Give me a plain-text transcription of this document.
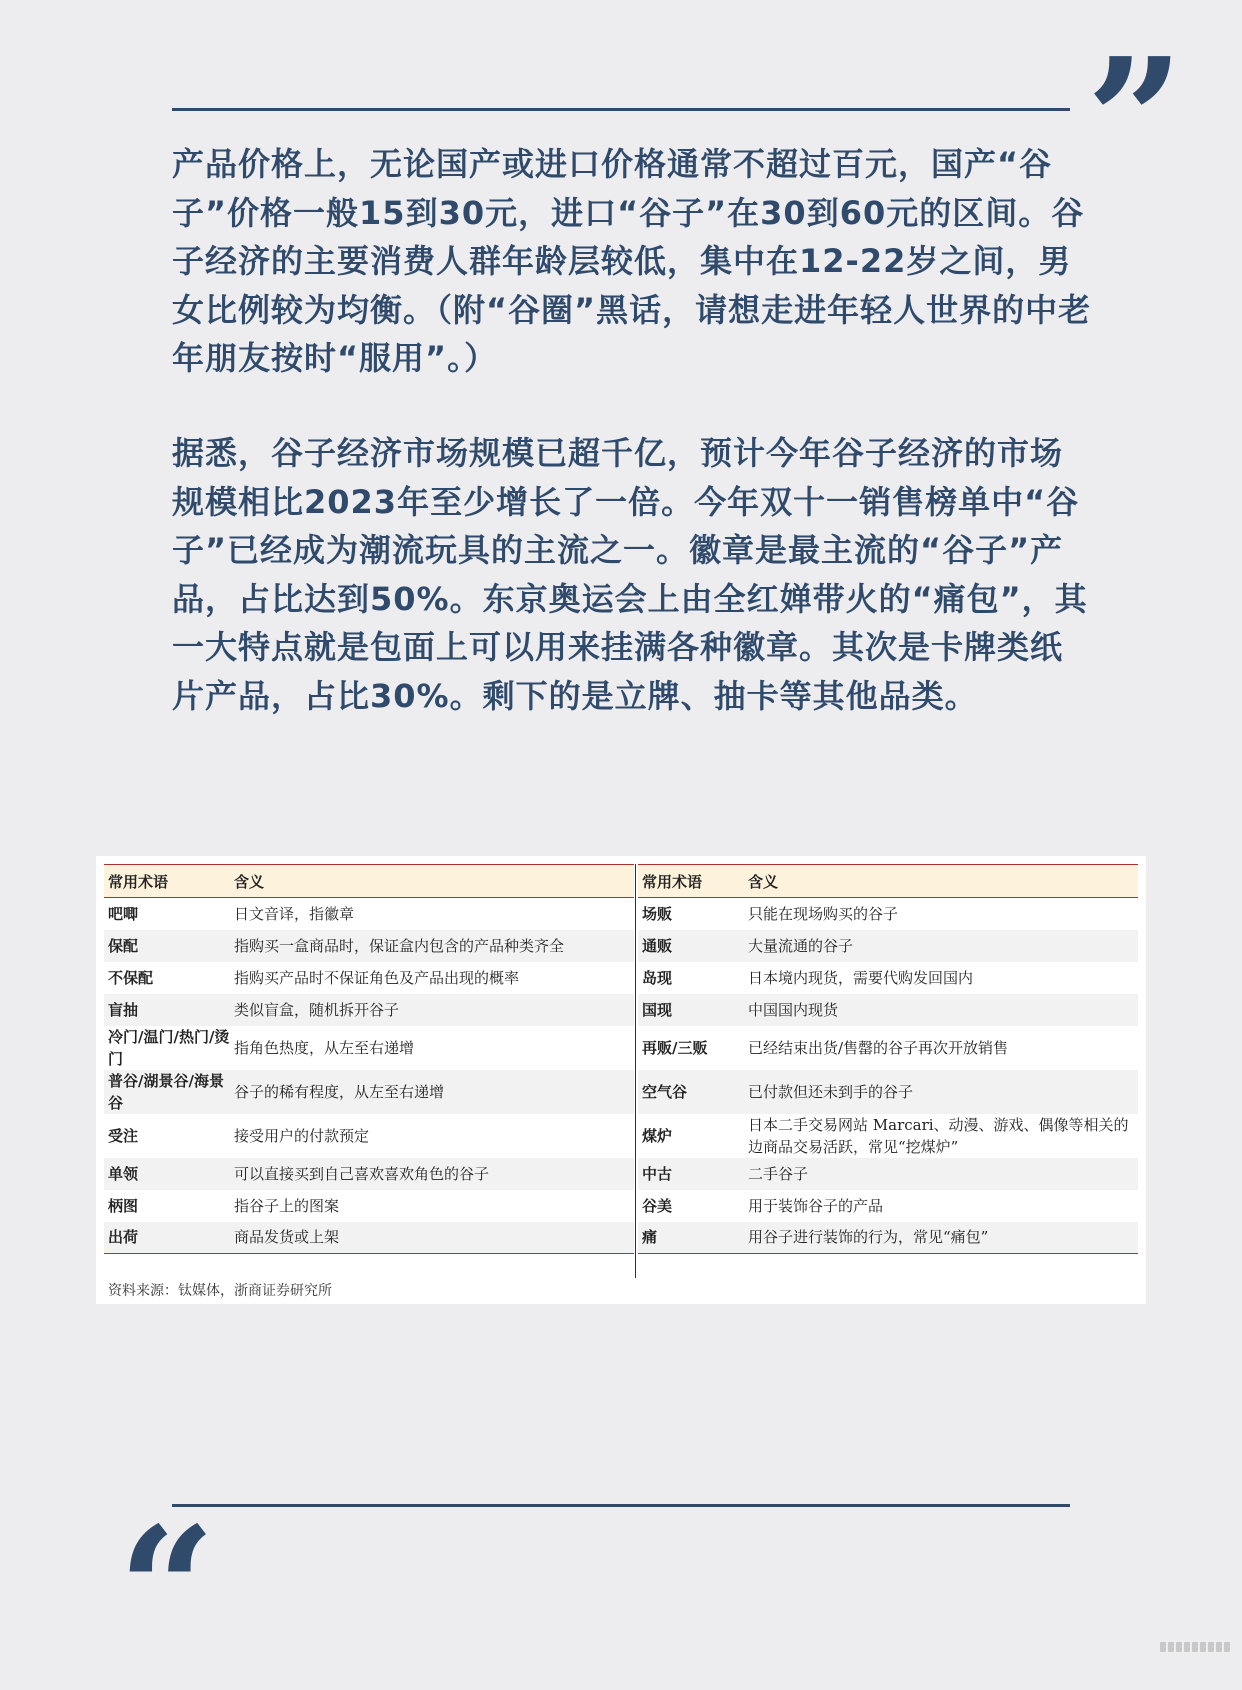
”

产品价格上，无论国产或进口价格通常不超过百元，国产“谷子”价格一般15到30元，进口“谷子”在30到60元的区间。谷子经济的主要消费人群年龄层较低，集中在12-22岁之间，男女比例较为均衡。（附“谷圈”黑话，请想走进年轻人世界的中老年朋友按时“服用”。）

据悉，谷子经济市场规模已超千亿，预计今年谷子经济的市场规模相比2023年至少增长了一倍。今年双十一销售榜单中“谷子”已经成为潮流玩具的主流之一。徽章是最主流的“谷子”产品，占比达到50%。东京奥运会上由全红婵带火的“痛包”，其一大特点就是包面上可以用来挂满各种徽章。其次是卡牌类纸片产品，占比30%。剩下的是立牌、抽卡等其他品类。

常用术语	含义
吧唧	日文音译，指徽章
保配	指购买一盒商品时，保证盒内包含的产品种类齐全
不保配	指购买产品时不保证角色及产品出现的概率
盲抽	类似盲盒，随机拆开谷子
冷门/温门/热门/烫门	指角色热度，从左至右递增
普谷/湖景谷/海景谷	谷子的稀有程度，从左至右递增
受注	接受用户的付款预定
单领	可以直接买到自己喜欢喜欢角色的谷子
柄图	指谷子上的图案
出荷	商品发货或上架
常用术语	含义
场贩	只能在现场购买的谷子
通贩	大量流通的谷子
岛现	日本境内现货，需要代购发回国内
国现	中国国内现货
再贩/三贩	已经结束出货/售罄的谷子再次开放销售
空气谷	已付款但还未到手的谷子
煤炉	日本二手交易网站 Marcari、动漫、游戏、偶像等相关的边商品交易活跃，常见“挖煤炉”
中古	二手谷子
谷美	用于装饰谷子的产品
痛	用谷子进行装饰的行为，常见“痛包”
资料来源：钛媒体，浙商证券研究所
“
